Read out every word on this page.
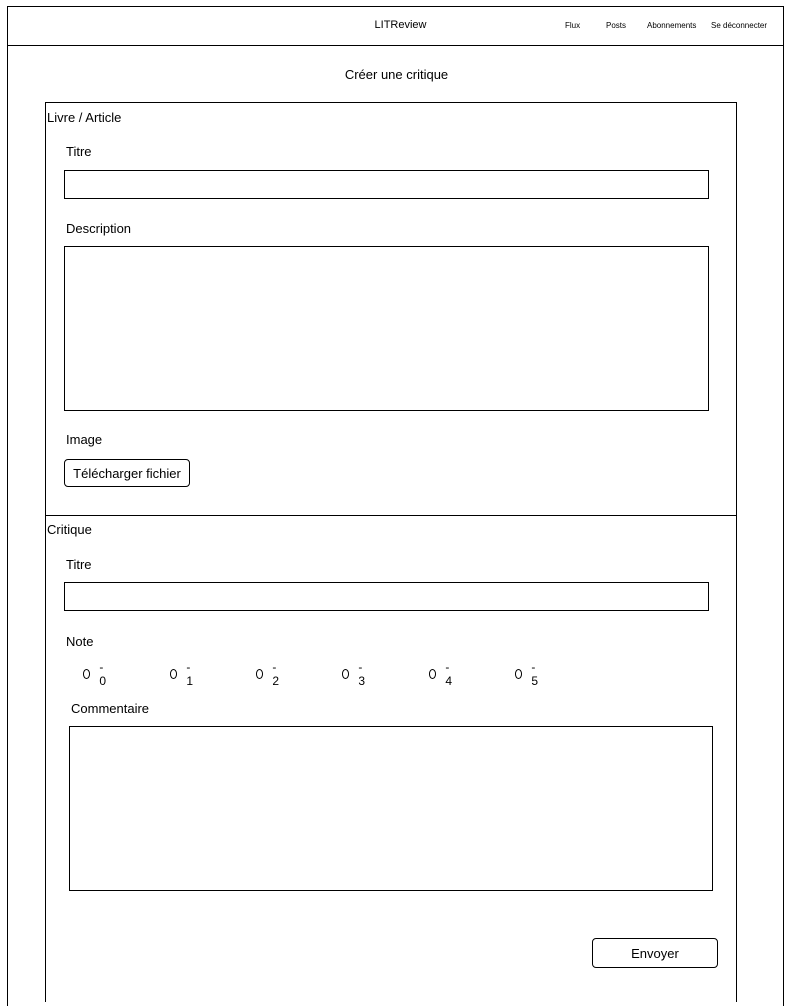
LITReview	Flux	Posts	Abonnements Se déconnecter
Créer une critique
Livre / Article
Titre
Description
Image
Télécharger fichier
Critique
Titre
Note
- 0
- 1
- 2
- 3
- 4
- 5
Commentaire
Envoyer
